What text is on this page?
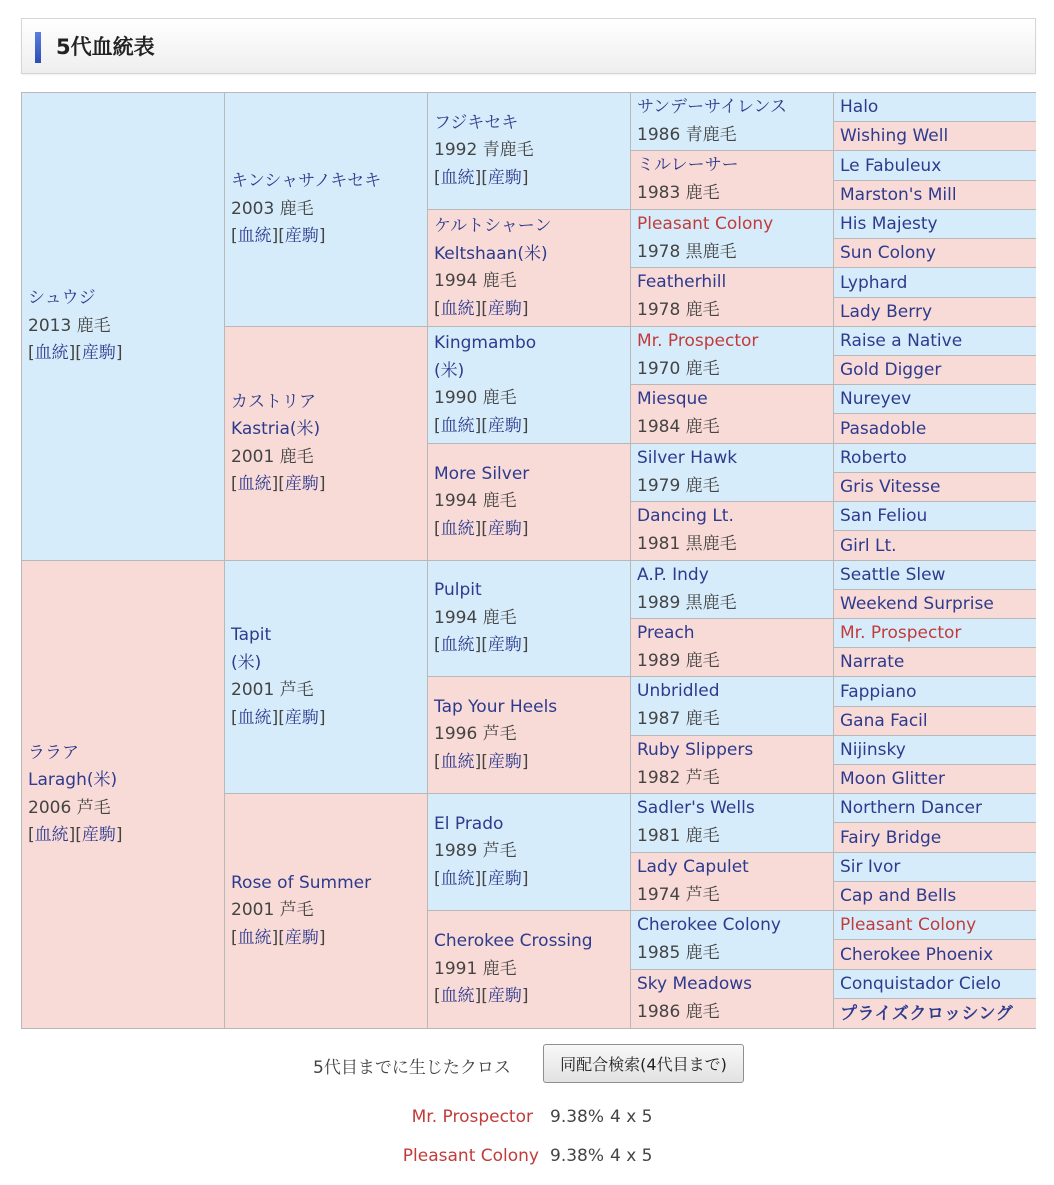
5代血統表
シュウジ
2013 鹿毛
[血統][産駒]
ララア
Laragh(米)
2006 芦毛
[血統][産駒]
キンシャサノキセキ
2003 鹿毛
[血統][産駒]
カストリア
Kastria(米)
2001 鹿毛
[血統][産駒]
Tapit
(米)
2001 芦毛
[血統][産駒]
Rose of Summer
2001 芦毛
[血統][産駒]
フジキセキ
1992 青鹿毛
[血統][産駒]
ケルトシャーン
Keltshaan(米)
1994 鹿毛
[血統][産駒]
Kingmambo
(米)
1990 鹿毛
[血統][産駒]
More Silver
1994 鹿毛
[血統][産駒]
Pulpit
1994 鹿毛
[血統][産駒]
Tap Your Heels
1996 芦毛
[血統][産駒]
El Prado
1989 芦毛
[血統][産駒]
Cherokee Crossing
1991 鹿毛
[血統][産駒]
サンデーサイレンス
1986 青鹿毛
ミルレーサー
1983 鹿毛
Pleasant Colony
1978 黒鹿毛
Featherhill
1978 鹿毛
Mr. Prospector
1970 鹿毛
Miesque
1984 鹿毛
Silver Hawk
1979 鹿毛
Dancing Lt.
1981 黒鹿毛
A.P. Indy
1989 黒鹿毛
Preach
1989 鹿毛
Unbridled
1987 鹿毛
Ruby Slippers
1982 芦毛
Sadler's Wells
1981 鹿毛
Lady Capulet
1974 芦毛
Cherokee Colony
1985 鹿毛
Sky Meadows
1986 鹿毛
Halo
Wishing Well
Le Fabuleux
Marston's Mill
His Majesty
Sun Colony
Lyphard
Lady Berry
Raise a Native
Gold Digger
Nureyev
Pasadoble
Roberto
Gris Vitesse
San Feliou
Girl Lt.
Seattle Slew
Weekend Surprise
Mr. Prospector
Narrate
Fappiano
Gana Facil
Nijinsky
Moon Glitter
Northern Dancer
Fairy Bridge
Sir Ivor
Cap and Bells
Pleasant Colony
Cherokee Phoenix
Conquistador Cielo
プライズクロッシング
5代目までに生じたクロス	同配合検索(4代目まで)
Mr. Prospector 9.38% 4 x 5
Pleasant Colony 9.38% 4 x 5
